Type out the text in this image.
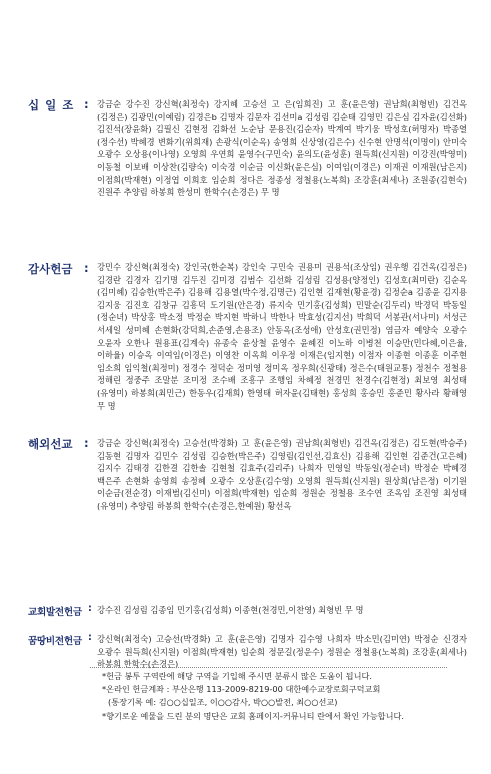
십일조 : 강금순 강수진 강신혁(최정숙) 강지혜 고승선 고 은(임희진) 고 훈(윤은영) 권남희(최형빈) 김건옥(김정은) 김광민(이예림) 김경은b 김명자 김문자 김선미a 김성림 김순태 김영민 김은심 김자윤(김선화) 김진석(장윤화) 김필신 김현정 김화선 노순남 문용진(김순자) 박계여 박기웅 박성호(허명자) 박종열(정수선) 박혜경 변화기(위희재) 손광식(이순옥) 송영희 신상영(김은수) 신수현 안명석(이명이) 안미숙 오광수 오상용(이나영) 오영희 우연희 윤영수(구민숙) 윤의도(윤성훈) 원득희(신지원) 이강진(박영미) 이동철 이보배 이상찬(김량숙) 이숙경 이순금 이신화(윤은심) 이여임(이경은) 이재권 이재원(남은지) 이점희(박재현) 이정엽 이희호 임순희 정다은 정종성 정철용(노복희) 조강훈(최세나) 조원종(김현숙) 진원주 추양림 하봉희 한성미 한학수(손경은) 무 명
감사헌금	: 강민수 강신혁(최정숙) 강인국(한순복) 강인숙 구민숙 권용미 권용석(조상임) 권우행 김건옥(김정은) 김경란 김경자 김기명 김두진 김미경 김범수 김선화 김성림 김성용(양정인) 김성호(최미란) 김순옥(김미혜) 김승한(박은주) 김용해 김용열(박수정,김명근) 김인현 김재현(황윤경) 김정순a 김종윤 김지용 김지웅 김진호 김창규 김흥덕 도기원(안은경) 류지숙 민기홍(김성희) 민말순(김두리) 박경덕 박동일(정순녀) 박상홍 박소정 박정순 박지현 박하니 박한나 박효성(김지선) 박희덕 서봉관(서나미) 서성근 서세일 성미혜 손현화(강덕희,손준영,손용조) 안동옥(조성애) 안성호(권민정) 염금자 예양숙 오광수 오윤자 오한나 원용표(김계숙) 유종숙 윤상철 윤영수 윤혜진 이노하 이병천 이승만(민다혜,이은율,이하율) 이승옥 이여임(이경은) 이영찬 이옥희 이우정 이재은(임지현) 이점자 이종현 이종훈 이주현 임소희 임익철(최정미) 정경수 정덕순 정미영 정미옥 정우희(신광태) 정은수(태원교통) 정천수 정철용 정해린 정중주 조말분 조미정 조수배 조흥구 조행임 차혜정 천경민 천경수(김현정) 최보영 최성태(유영미) 하봉희(최민근) 한동우(김재희) 한영태 허자윤(김태현) 홍성희 홍승민 홍준민 황사라 황해영 무 명
해외선교	: 강금순 강신혁(최정숙) 고승선(박경화) 고 훈(윤은영) 권남희(최형빈) 김건옥(김정은) 김도현(박승주) 김동현 김명자 김민수 김성림 김승한(박은주) 김영림(김인선,김효신) 김용해 김인현 김준건(고은혜) 김지수 김태경 김한결 김한솔 김현철 김효주(김리주) 나희자 민영일 박동일(정순녀) 박정순 박혜경 백은주 손현화 송영희 송정혜 오광수 오상훈(김수영) 오영희 원득희(신지원) 원상희(남은정) 이기원 이순금(전순경) 이재범(김신미) 이점희(박재현) 임순희 정원순 정철용 조수연 조옥임 조진영 최성태(유영미) 추양림 하봉희 한학수(손경은,한예원) 황선옥
교회발전헌금 : 강수진 김성림 김종임 민기홍(김성희) 이종현(천경민,이찬영) 최형빈 무 명
꿈땅비전헌금 : 강신혁(최정숙) 고승선(박경화) 고 훈(윤은영) 김명자 김수영 나희자 박소민(김미연) 박정순 신경자 오광수 원득희(신지원) 이점희(박재현) 임순희 정문길(정운수) 정원순 정철용(노복희) 조강훈(최세나) 하봉희 한학수(손경은)
*헌금 봉투 구역란에 해당 구역을 기입해 주시면 분류시 많은 도움이 됩니다.
*온라인 헌금계좌 : 부산은행 113-2009-8219-00 대한예수교장로회구덕교회
(통장기록 예: 김○○십일조, 이○○감사, 박○○발전, 최○○선교)
*향기로운 예물을 드린 분의 명단은 교회 홈페이지-커뮤니티 란에서 확인 가능합니다.
